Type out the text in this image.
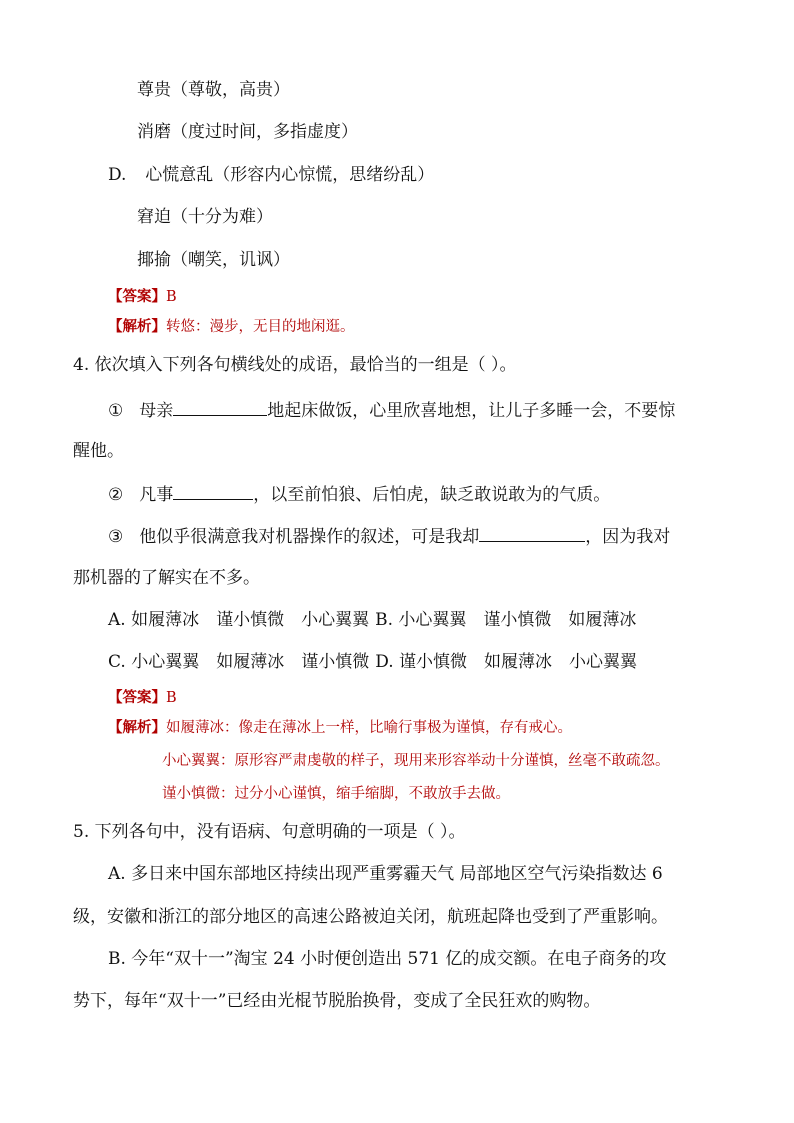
尊贵（尊敬，高贵）
消磨（度过时间，多指虚度）
D. 心慌意乱（形容内心惊慌，思绪纷乱）
窘迫（十分为难）
揶揄（嘲笑，讥讽）
【答案】B
【解析】转悠：漫步，无目的地闲逛。
4. 依次填入下列各句横线处的成语，最恰当的一组是（ ）。
① 母亲	地起床做饭，心里欣喜地想，让儿子多睡一会，不要惊
醒他。
② 凡事	，以至前怕狼、后怕虎，缺乏敢说敢为的气质。
③ 他似乎很满意我对机器操作的叙述，可是我却	，因为我对
那机器的了解实在不多。
A. 如履薄冰　谨小慎微　小心翼翼 B. 小心翼翼　谨小慎微　如履薄冰
C. 小心翼翼　如履薄冰　谨小慎微 D. 谨小慎微　如履薄冰　小心翼翼
【答案】B
【解析】如履薄冰：像走在薄冰上一样，比喻行事极为谨慎，存有戒心。
小心翼翼：原形容严肃虔敬的样子，现用来形容举动十分谨慎，丝毫不敢疏忽。
谨小慎微：过分小心谨慎，缩手缩脚，不敢放手去做。
5. 下列各句中，没有语病、句意明确的一项是（ ）。
A. 多日来中国东部地区持续出现严重雾霾天气 局部地区空气污染指数达 6
级，安徽和浙江的部分地区的高速公路被迫关闭，航班起降也受到了严重影响。
B. 今年“双十一”淘宝 24 小时便创造出 571 亿的成交额。在电子商务的攻
势下，每年“双十一”已经由光棍节脱胎换骨，变成了全民狂欢的购物。
